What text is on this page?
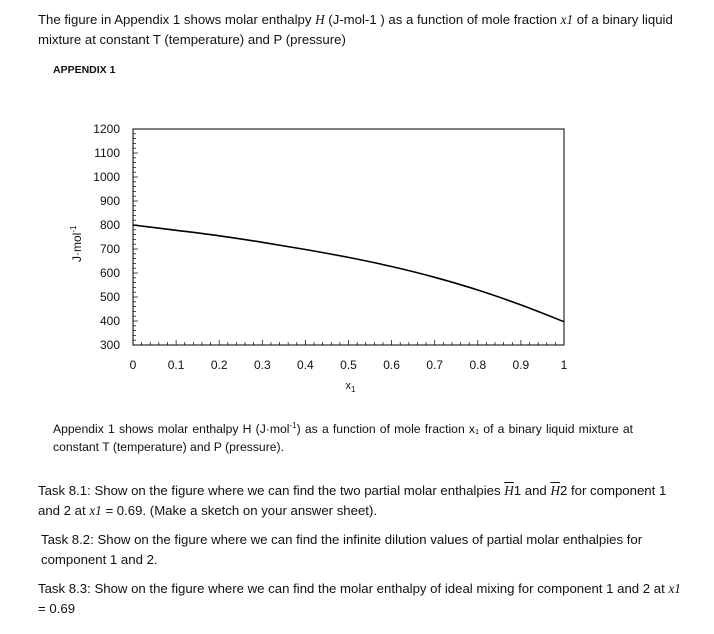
The figure in Appendix 1 shows molar enthalpy H (J-mol-1 ) as a function of mole fraction x1 of a binary liquid mixture at constant T (temperature) and P (pressure)
APPENDIX 1
300
400
500
600
700
800
900
1000
1100
1200
0	0.1 0.2 0.3 0.4 0.5 0.6 0.7 0.8 0.9	1
$x_1$
J·mol$^{-1}$
Appendix 1 shows molar enthalpy H (J·mol$^{-1}$) as a function of mole fraction x₁ of a binary liquid mixture at constant T (temperature) and P (pressure).
Task 8.1: Show on the figure where we can find the two partial molar enthalpies $\overline{H}1$ and $\overline{H}2$ for component 1 and 2 at x1 = 0.69. (Make a sketch on your answer sheet).
Task 8.2: Show on the figure where we can find the infinite dilution values of partial molar enthalpies for component 1 and 2.
Task 8.3: Show on the figure where we can find the molar enthalpy of ideal mixing for component 1 and 2 at x1 = 0.69
